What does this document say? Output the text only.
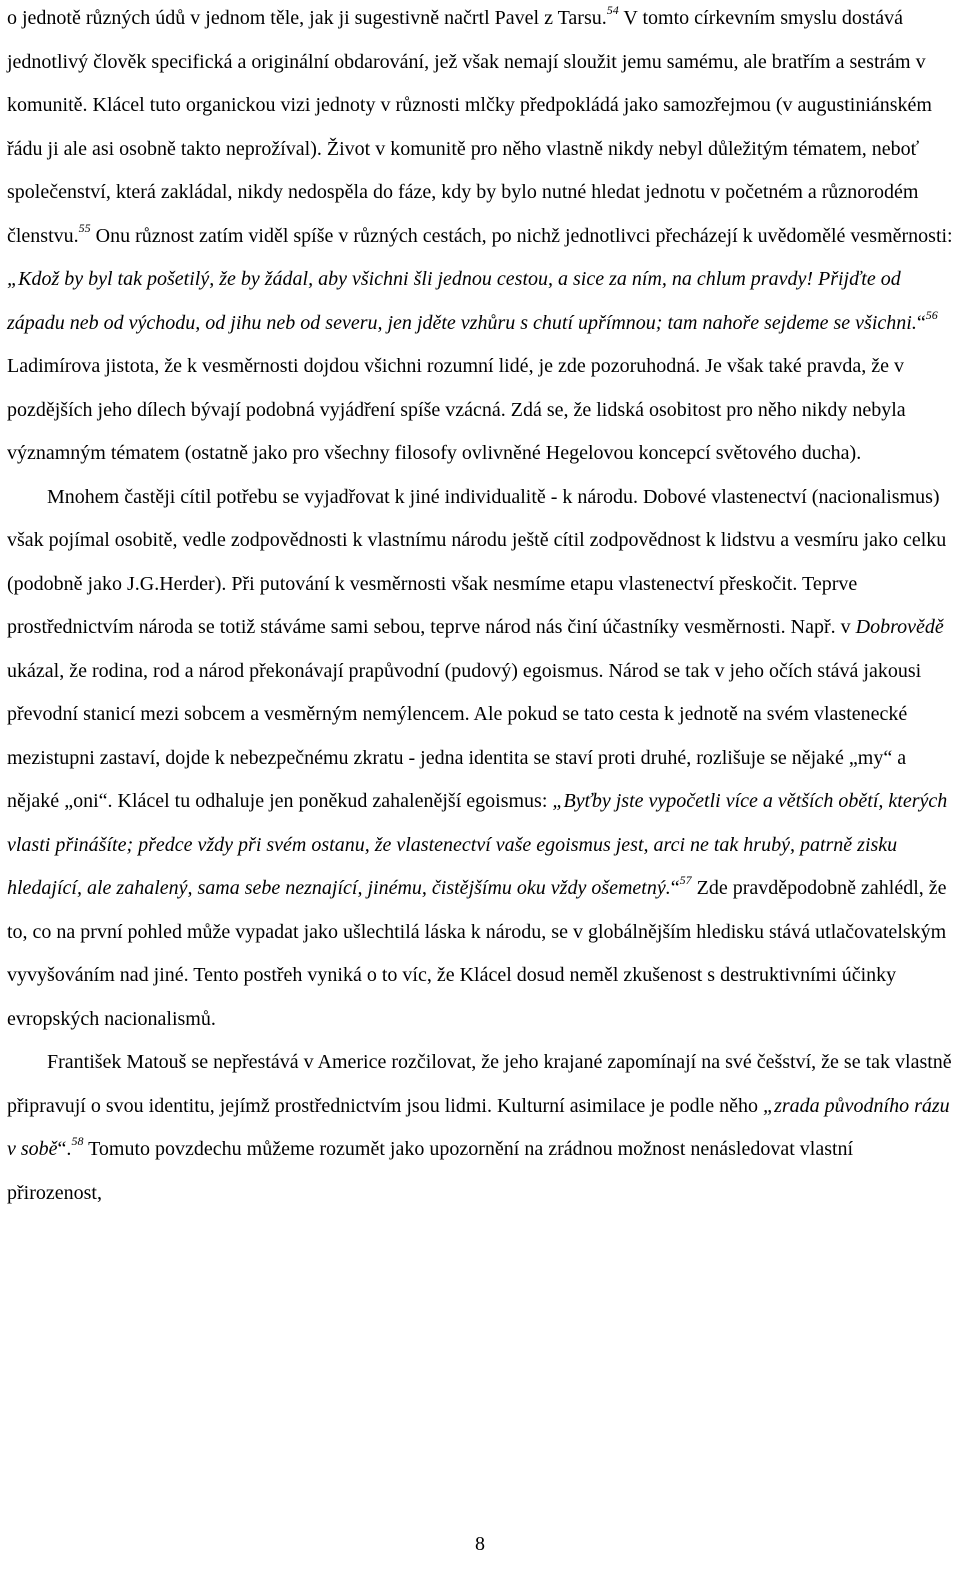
o jednotě různých údů v jednom těle, jak ji sugestivně načrtl Pavel z Tarsu.$^{54}$ V tomto církevním smyslu dostává jednotlivý člověk specifická a originální obdarování, jež však nemají sloužit jemu samému, ale bratřím a sestrám v komunitě. Klácel tuto organickou vizi jednoty v různosti mlčky předpokládá jako samozřejmou (v augustiniánském řádu ji ale asi osobně takto neprožíval). Život v komunitě pro něho vlastně nikdy nebyl důležitým tématem, neboť společenství, která zakládal, nikdy nedospěla do fáze, kdy by bylo nutné hledat jednotu v početném a různorodém členstvu.$^{55}$ Onu různost zatím viděl spíše v různých cestách, po nichž jednotlivci přecházejí k uvědomělé vesměrnosti: „Kdož by byl tak pošetilý, že by žádal, aby všichni šli jednou cestou, a sice za ním, na chlum pravdy! Přijďte od západu neb od východu, od jihu neb od severu, jen jděte vzhůru s chutí upřímnou; tam nahoře sejdeme se všichni.“$^{56}$ Ladimírova jistota, že k vesměrnosti dojdou všichni rozumní lidé, je zde pozoruhodná. Je však také pravda, že v pozdějších jeho dílech bývají podobná vyjádření spíše vzácná. Zdá se, že lidská osobitost pro něho nikdy nebyla významným tématem (ostatně jako pro všechny filosofy ovlivněné Hegelovou koncepcí světového ducha).

Mnohem častěji cítil potřebu se vyjadřovat k jiné individualitě - k národu. Dobové vlastenectví (nacionalismus) však pojímal osobitě, vedle zodpovědnosti k vlastnímu národu ještě cítil zodpovědnost k lidstvu a vesmíru jako celku (podobně jako J.G.Herder). Při putování k vesměrnosti však nesmíme etapu vlastenectví přeskočit. Teprve prostřednictvím národa se totiž stáváme sami sebou, teprve národ nás činí účastníky vesměrnosti. Např. v Dobrovědě ukázal, že rodina, rod a národ překonávají prapůvodní (pudový) egoismus. Národ se tak v jeho očích stává jakousi převodní stanicí mezi sobcem a vesměrným nemýlencem. Ale pokud se tato cesta k jednotě na svém vlastenecké mezistupni zastaví, dojde k nebezpečnému zkratu - jedna identita se staví proti druhé, rozlišuje se nějaké „my“ a nějaké „oni“. Klácel tu odhaluje jen poněkud zahalenější egoismus: „Byťby jste vypočetli více a větších obětí, kterých vlasti přinášíte; předce vždy při svém ostanu, že vlastenectví vaše egoismus jest, arci ne tak hrubý, patrně zisku hledající, ale zahalený, sama sebe neznající, jinému, čistějšímu oku vždy ošemetný.“$^{57}$ Zde pravděpodobně zahlédl, že to, co na první pohled může vypadat jako ušlechtilá láska k národu, se v globálnějším hledisku stává utlačovatelským vyvyšováním nad jiné. Tento postřeh vyniká o to víc, že Klácel dosud neměl zkušenost s destruktivními účinky evropských nacionalismů.

František Matouš se nepřestává v Americe rozčilovat, že jeho krajané zapomínají na své češství, že se tak vlastně připravují o svou identitu, jejímž prostřednictvím jsou lidmi. Kulturní asimilace je podle něho „zrada původního rázu v sobě“.$^{58}$ Tomuto povzdechu můžeme rozumět jako upozornění na zrádnou možnost nenásledovat vlastní přirozenost,

8
